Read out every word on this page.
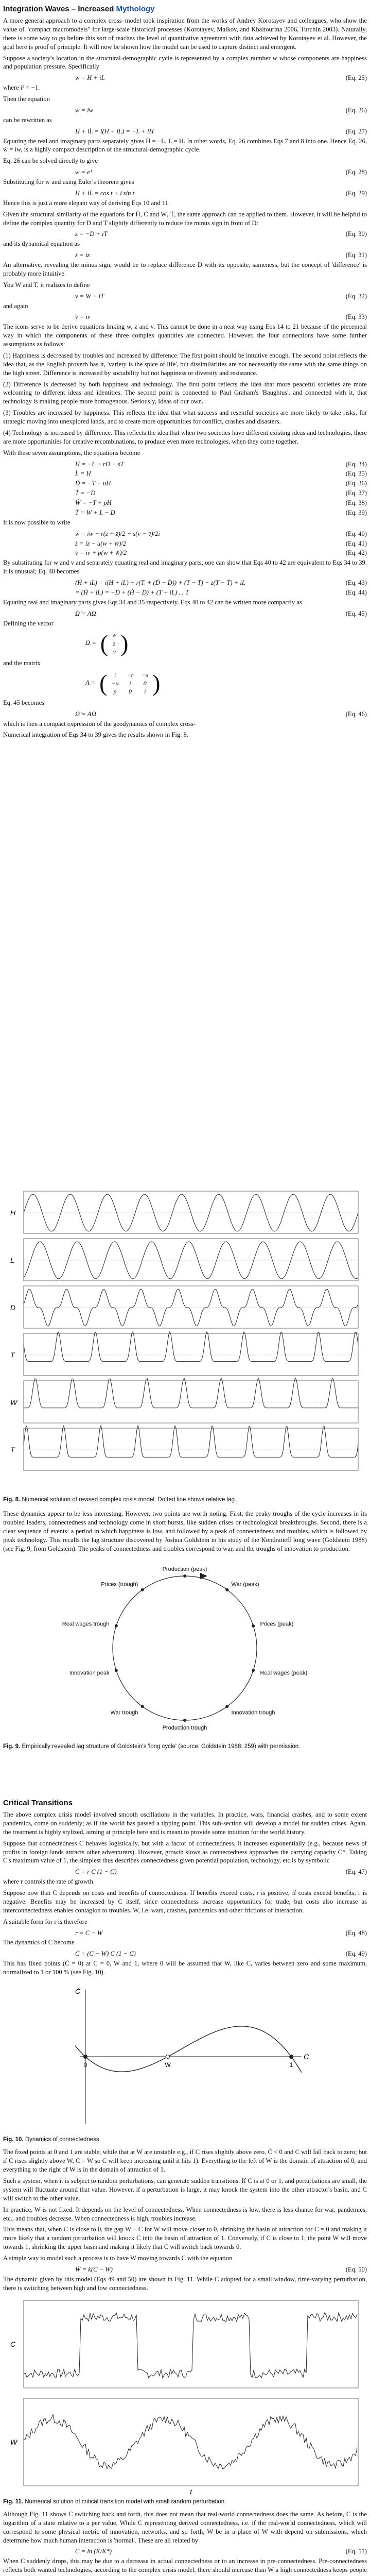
Integration Waves – Increased Mythology

A more general approach to a complex cross–model took inspiration from the works of Andrey Korotayev and colleagues, who show the value of "compact macromodels" for large-scale historical processes (Korotayev, Malkov, and Khaltourina 2006, Turchin 2003). Naturally, there is some way to go before this sort of reaches the level of quantitative agreement with data achieved by Korotayev et al. However, the goal here is proof of principle. It will now be shown how the model can be used to capture distinct and emergent.

Suppose a society's location in the structural-demographic cycle is represented by a complex number w whose components are happiness and population pressure. Specifically

w = H + iL	(Eq. 25)

where i² = −1.

Then the equation

ẇ = iw	(Eq. 26)

can be rewritten as

Ḣ + iL̇ = i(H + iL) = −L + iH	(Eq. 27)

Equating the real and imaginary parts separately gives Ḣ = −L, L̇ = H. In other words, Eq. 26 combines Eqs 7 and 8 into one. Hence Eq. 26, ẇ = iw, is a highly compact description of the structural-demographic cycle.

Eq. 26 can be solved directly to give

w = eⁱᵗ	(Eq. 28)

Substituting for w and using Euler's theorem gives

H + iL = cos t + i sin t	(Eq. 29)

Hence this is just a more elegant way of deriving Eqs 10 and 11.

Given the structural similarity of the equations for Ḣ, Ċ and Ẇ, Ṫ, the same approach can be applied to them. However, it will be helpful to define the complex quantity for D and T slightly differently to reduce the minus sign in front of D:

z = −D + iT	(Eq. 30)

and its dynamical equation as

ż = iz	(Eq. 31)

An alternative, revealing the minus sign, would be to replace difference D with its opposite, sameness, but the concept of 'difference' is probably more intuitive.

You W and T, it realizes to define

v = W + iT	(Eq. 32)

and again

v̇ = iv	(Eq. 33)

The icons serve to be derive equations linking w, z and v. This cannot be done in a neat way using Eqs 14 to 21 because of the piecemeal way in which the components of these three complex quantities are connected. However, the four connections have some further assumptions as follows:

(1) Happiness is decreased by troubles and increased by difference. The first point should be intuitive enough. The second point reflects the idea that, as the English proverb has it, 'variety is the spice of life', but dissimilarities are not necessarily the same with the same things on the high street. Difference is increased by sociability but not happiness or diversity and resistance.

(2) Difference is decreased by both happiness and technology. The first point reflects the idea that more peaceful societies are more welcoming to different ideas and identities. The second point is connected to Paul Graham's 'Baughtus', and connected with it, that technology is making people more homogenous. Seriously, Ideas of our own.

(3) Troubles are increased by happiness. This reflects the idea that what success and resentful societies are more likely to take risks, for strategic moving into unexplored lands, and to create more opportunities for conflict, crashes and disasters.

(4) Technology is increased by difference. This reflects the idea that when two societies have different existing ideas and technologies, there are more opportunities for creative recombinations, to produce even more technologies, when they come together.

With these seven assumptions, the equations become

Ḣ = −L + rD − sT	(Eq. 34)
L̇ = H	(Eq. 35)
Ḋ = −T − uH	(Eq. 36)
Ṫ = −D	(Eq. 37)
Ẇ = −T + pH	(Eq. 38)
Ṫ = W + L − D	(Eq. 39)

It is now possible to write

ẇ = iw − r(z + z̄)/2 − s(v − v̄)/2i	(Eq. 40)
ż = iz − u(w + w̄)/2	(Eq. 41)
v̇ = iv + p(w + w̄)/2	(Eq. 42)

By substituting for w and v and separately equating real and imaginary parts, one can show that Eqs 40 to 42 are equivalent to Eqs 34 to 39. It is unusual; Eq. 40 becomes

(Ḣ + iL̇) = i(H + iL) − r(Tᵢ + (D̄ − D̄)) + (T − T̄) − z(T − T̄) + iL	(Eq. 43)
= (Ḣ + iL̇) = −D + (Ḣ − D) + (T + iL) ... T	(Eq. 44)

Equating real and imaginary parts gives Eqs 34 and 35 respectively. Eqs 40 to 42 can be written more compactly as

Ω̇ = AΩ	(Eq. 45)

Defining the vector

Ω = ( w
z
v )

and the matrix

A = ( i	−r	−s
−u	i	0
p	0	i )

Eq. 45 becomes

Ω̇ = AΩ	(Eq. 46)

which is then a compact expression of the geodynamics of complex cross-

Numerical integration of Eqs 34 to 39 gives the results shown in Fig. 8.

H
L
D
T
W
T
Fig. 8. Numerical solution of revised complex crisis model. Dotted line shows relative lag.

These dynamics appear to be less interesting. However, two points are worth noting. First, the peaky troughs of the cycle increases in its troubled leaders, connectedness and technology come in short bursts, like sudden crises or technological breakthroughs. Second, there is a clear sequence of events: a period in which happiness is low, and followed by a peak of connectedness and troubles, which is followed by peak technology. This recalls the lag structure discovered by Joshua Goldstein in his study of the Kondratieff long wave (Goldstein 1988) (see Fig. 9, from Goldstein). The peaks of connectedness and troubles correspond to war, and the troughs of innovation to production.

Production (peak)
War (peak)
Prices (peak)
Real wages (peak)
Innovation trough
Production trough
War trough
Innovation peak
Real wages trough
Prices (trough)
Fig. 9. Empirically revealed lag structure of Goldstein's 'long cycle' (source: Goldstein 1988: 259) with permission.
Critical Transitions

The above complex crisis model involved smooth oscillations in the variables. In practice, wars, financial crashes, and to some extent pandemics, come on suddenly; as if the world has passed a tipping point. This sub-section will develop a model for sudden crises. Again, the treatment is highly stylized, aiming at principle here and is meant to provide some intuition for the world history.

Suppose that connectedness C behaves logistically, but with a factor of connectedness, it increases exponentially (e.g., because news of profits in foreign lands attracts other adventurers). However, growth slows as connectedness approaches the carrying capacity C*. Taking C's maximum value of 1, the simplest thus describes connectedness given potential population, technology, etc is by symbolic

Ċ = r C (1 − C)	(Eq. 47)

where r controls the rate of growth.

Suppose now that C depends on costs and benefits of connectedness. If benefits exceed costs, r is positive; if costs exceed benefits, r is negative. Benefits may be increased by C itself, since connectedness increase opportunities for trade, but costs also increase as interconnectedness enables contagion to troubles. W, i.e. wars, crashes, pandemics and other frictions of interaction.

A suitable form for r is therefore

r = C − W	(Eq. 48)

The dynamics of C become

Ċ = (C − W) C (1 − C)	(Eq. 49)

This has fixed points (Ċ = 0) at C = 0, W and 1, where 0 will be assumed that W, like C, varies between zero and some maximum, normalized to 1 or 100 % (see Fig. 10).

Ċ
C
0	W	1
Fig. 10. Dynamics of connectedness.

The fixed points at 0 and 1 are stable, while that at W are unstable e.g., if C rises slightly above zero, Ċ < 0 and C will fall back to zero; but if C rises slightly above W, C = W so C will keep increasing until it hits 1). Everything to the left of W is the domain of attraction of 0, and everything to the right of W is in the domain of attraction of 1.

Such a system, when it is subject to random perturbations, can generate sudden transitions. If C is at 0 or 1, and perturbations are small, the system will fluctuate around that value. However, if a perturbation is large, it may knock the system into the other attractor's basin, and C will switch to the other value.

In practice, W is not fixed. It depends on the level of connectedness. When connectedness is low, there is less chance for war, pandemics, etc., and troubles decrease. When connectedness is high, troubles increase.

This means that, when C is close to 0, the gap W − C for W will move closer to 0, shrinking the basin of attraction for C = 0 and making it more likely that a random perturbation will knock C into the basin of attraction of 1. Conversely, if C is close to 1, the point W will move towards 1, shrinking the upper basin and making it likely that C will switch back towards 0.

A simple way to model such a process is to have W moving towards C with the equation

Ẇ = k(C − W)	(Eq. 50)

The dynamic given by this model (Eqs 49 and 50) are shown in Fig. 11. While C adopted for a small window, time-varying perturbation, there is switching between high and low connectedness.

C
W
t
Fig. 11. Numerical solution of critical transition model with small random perturbation.

Although Fig. 11 shows C switching back and forth, this does not mean that real-world connectedness does the same. As before, C is the logarithm of a state relative to a per value. While C representing derived connectedness, i.e. if the real-world connectedness, which will correspond to some physical metric of innovation, networks, and so forth, W be in a place of W with depend on submissions, which determine how much human interaction is 'normal'. These are all related by

C = ln (K/K*)	(Eq. 51)

When C suddenly drops, this may be due to a decrease in actual connectedness or to an increase in pre-connectedness. Pre-connectedness reflects both wanted technologies, according to the complex crisis model, there should increase than W a high connectedness keeps people
